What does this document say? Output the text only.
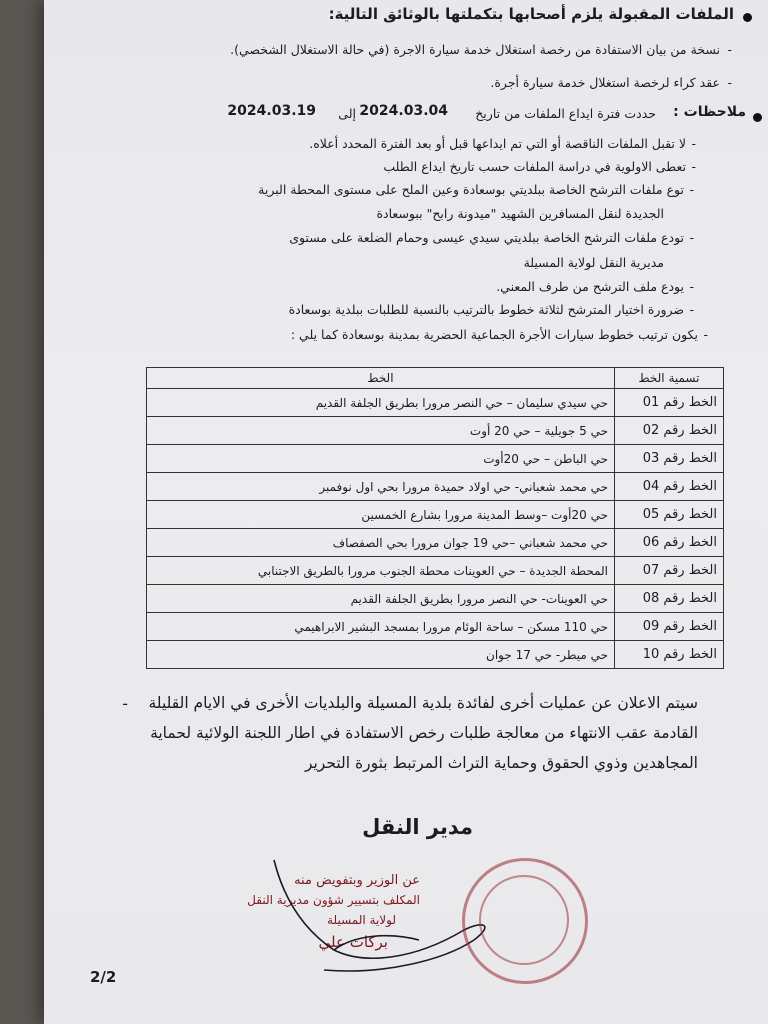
الملفات المقبولة يلزم أصحابها بتكملتها بالوثائق التالية:
نسخة من بيان الاستفادة من رخصة استغلال خدمة سيارة الاجرة (في حالة الاستغلال الشخصي).
عقد كراء لرخصة استغلال خدمة سيارة أجرة.
-
-
ملاحظات :
حددت فترة ايداع الملفات من تاريخ
2024.03.04
إلى
2024.03.19
لا تقبل الملفات الناقصة أو التي تم ايداعها قبل أو بعد الفترة المحدد أعلاه.
تعطى الاولوية في دراسة الملفات حسب تاريخ ايداع الطلب
توع ملفات الترشح الخاصة ببلديتي بوسعادة وعين الملح على مستوى المحطة البرية
الجديدة لنقل المسافرين الشهيد "ميدونة رابح" ببوسعادة
تودع ملفات الترشح الخاصة ببلديتي سيدي عيسى وحمام الضلعة على مستوى
مديرية النقل لولاية المسيلة
يودع ملف الترشح من طرف المعني.
ضرورة اختيار المترشح لثلاثة خطوط بالترتيب بالنسبة للطلبات ببلدية بوسعادة
يكون ترتيب خطوط سيارات الأجرة الجماعية الحضرية بمدينة بوسعادة كما يلي :
-
-
-
-
-
-
-
تسمية الخط	الخط
الخط رقم 01	حي سيدي سليمان – حي النصر مرورا بطريق الجلفة القديم
الخط رقم 02	حي 5 جويلية – حي 20 أوت
الخط رقم 03	حي الباطن – حي 20أوت
الخط رقم 04	حي محمد شعباني- حي اولاد حميدة مرورا بحي اول نوفمبر
الخط رقم 05	حي 20أوت –وسط المدينة مرورا بشارع الخمسين
الخط رقم 06	حي محمد شعباني –حي 19 جوان مرورا بحي الصفصاف
الخط رقم 07	المحطة الجديدة – حي العوينات محطة الجنوب مرورا بالطريق الاجتنابي
الخط رقم 08	حي العوينات- حي النصر مرورا بطريق الجلفة القديم
الخط رقم 09	حي 110 مسكن – ساحة الوئام مرورا بمسجد البشير الابراهيمي
الخط رقم 10	حي ميطر- حي 17 جوان
-	سيتم الاعلان عن عمليات أخرى لفائدة بلدية المسيلة والبلديات الأخرى في الايام القليلة القادمة عقب الانتهاء من معالجة طلبات رخص الاستفادة في اطار اللجنة الولائية لحماية المجاهدين وذوي الحقوق وحماية التراث المرتبط بثورة التحرير
مدير النقل
عن الوزير وبتفويض منه
المكلف بتسيير شؤون مديرية النقل
لولاية المسيلة
بركات علي
2/2
